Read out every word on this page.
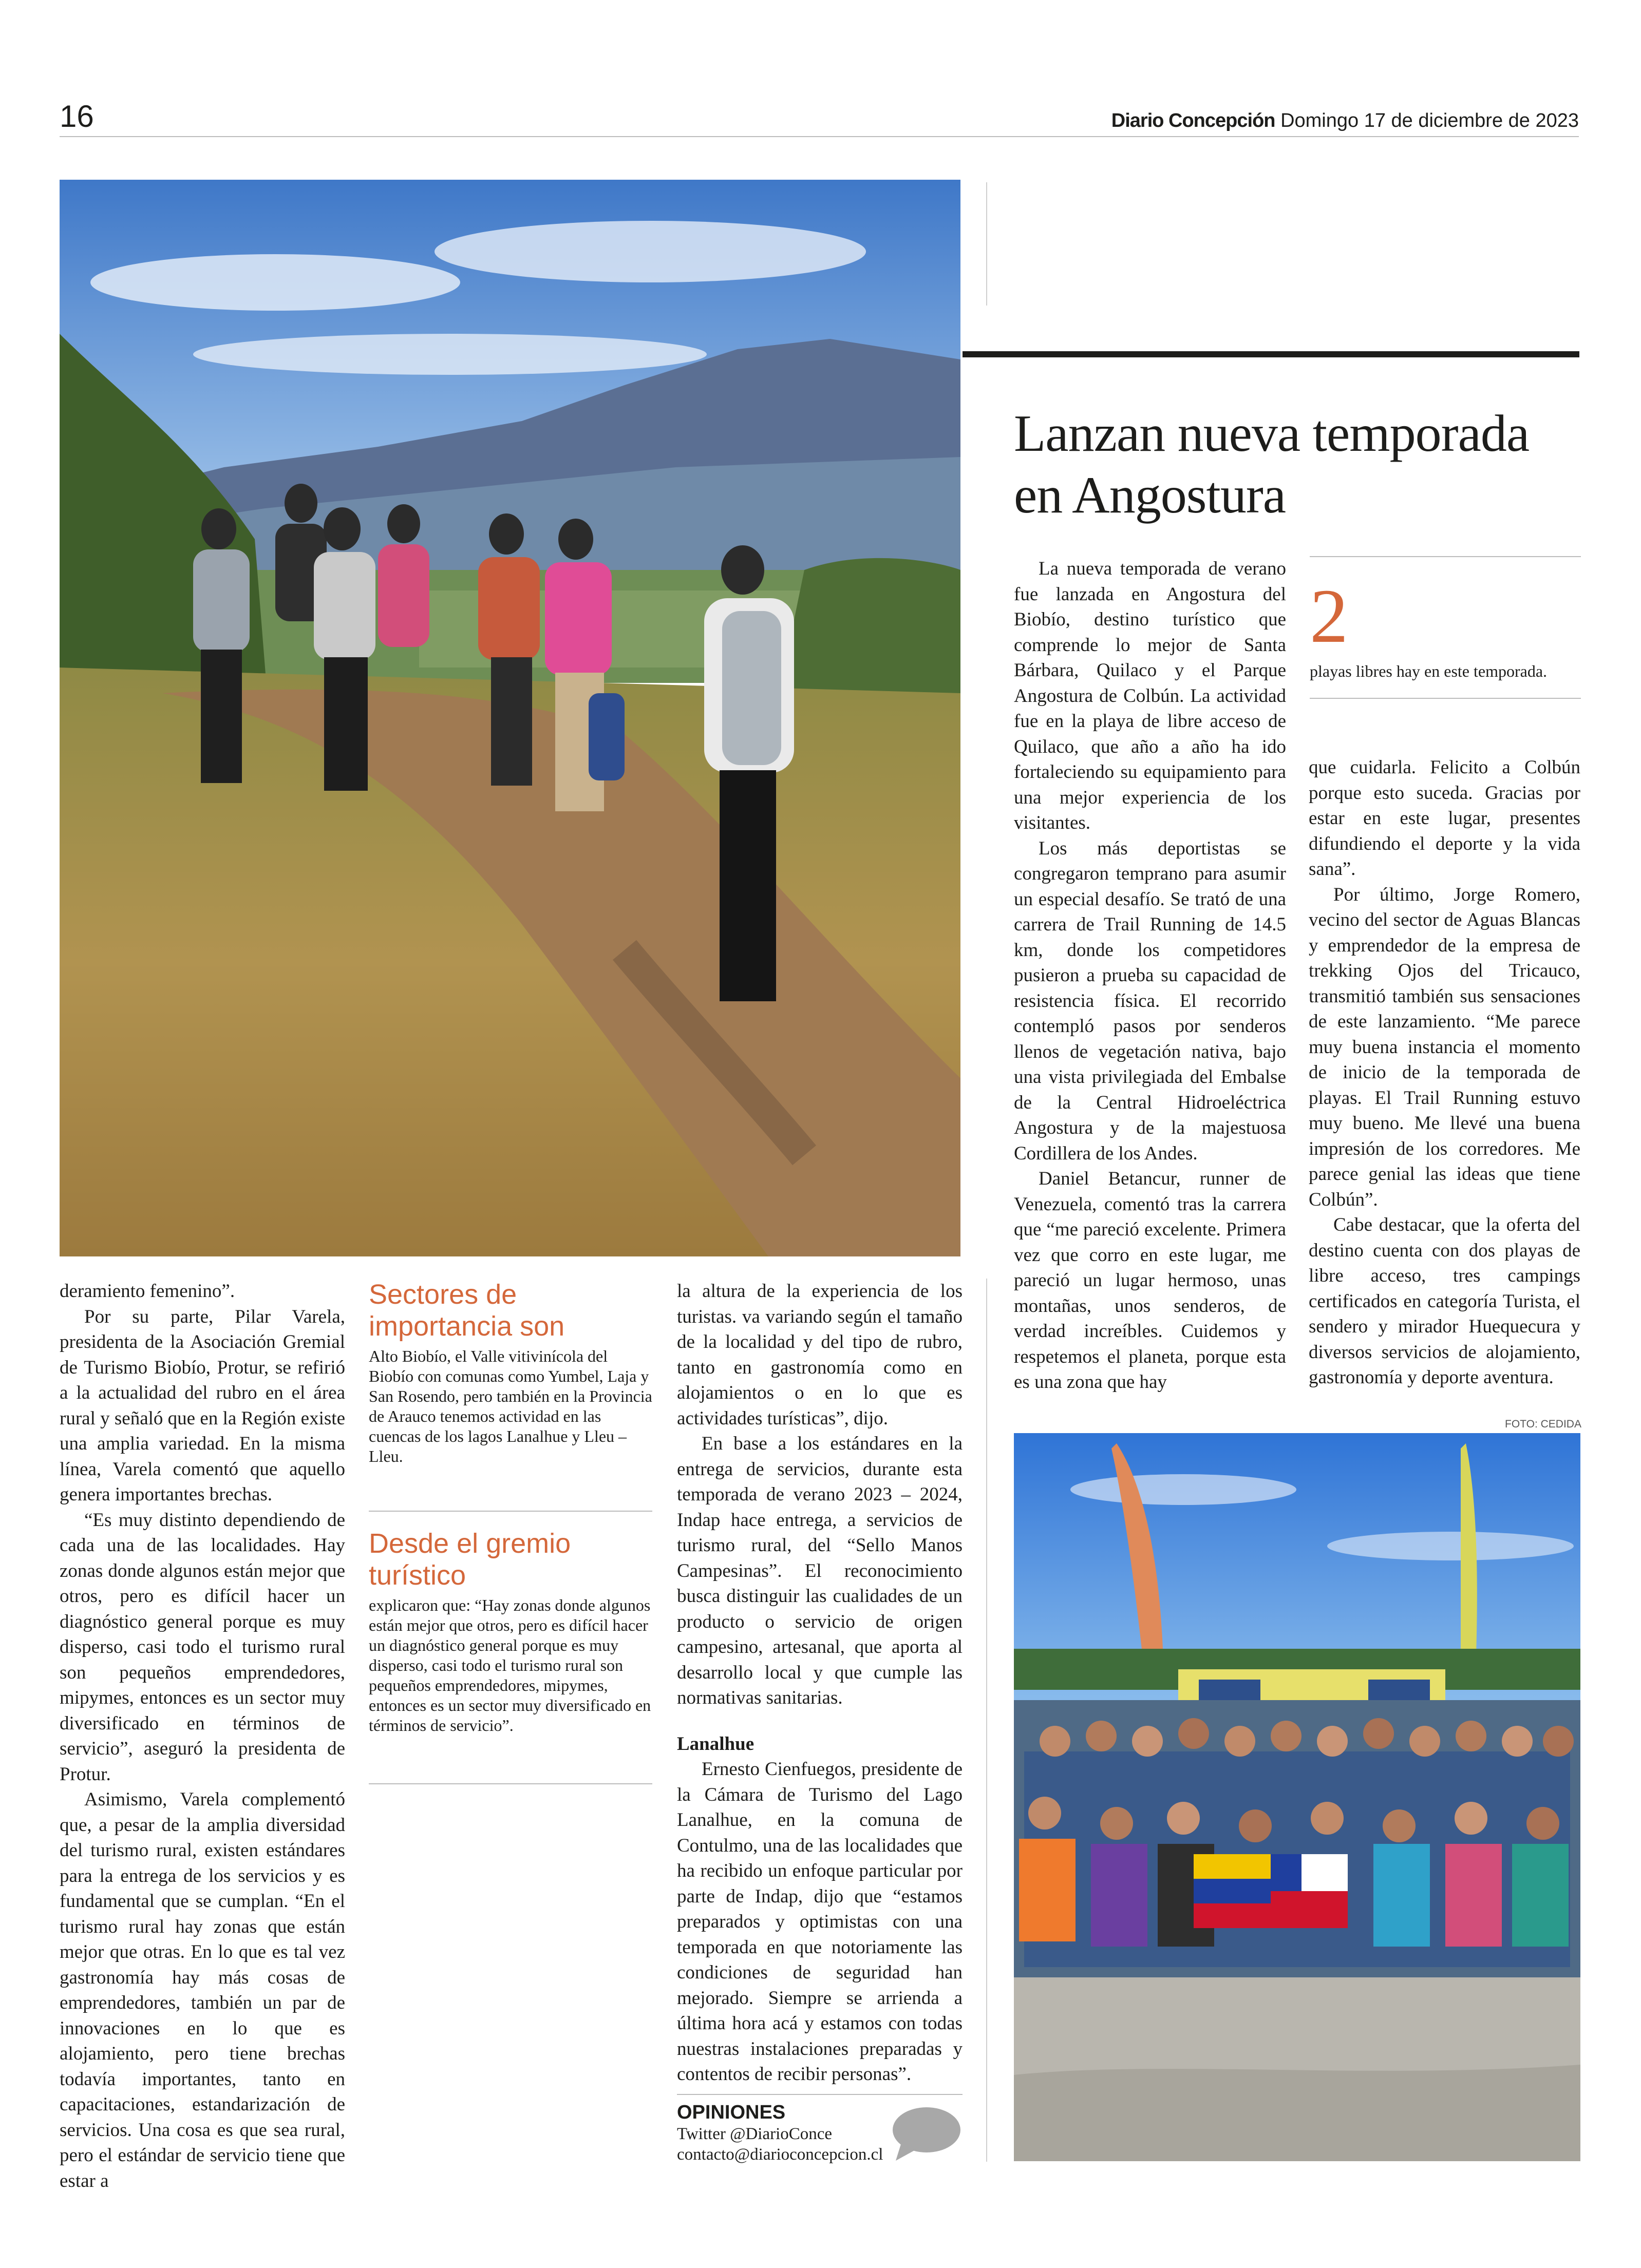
16	Diario Concepción Domingo 17 de diciembre de 2023
Lanzan nueva temporada en Angostura
2
playas libres hay en este temporada.

La nueva temporada de verano fue lanzada en Angostura del Biobío, destino turístico que comprende lo mejor de Santa Bárbara, Quilaco y el Parque Angostura de Colbún. La actividad fue en la playa de libre acceso de Quilaco, que año a año ha ido fortaleciendo su equipamiento para una mejor experiencia de los visitantes.

Los más deportistas se congregaron temprano para asumir un especial desafío. Se trató de una carrera de Trail Running de 14.5 km, donde los competidores pusieron a prueba su capacidad de resistencia física. El recorrido contempló pasos por senderos llenos de vegetación nativa, bajo una vista privilegiada del Embalse de la Central Hidroeléctrica Angostura y de la majestuosa Cordillera de los Andes.

Daniel Betancur, runner de Venezuela, comentó tras la carrera que “me pareció excelente. Primera vez que corro en este lugar, me pareció un lugar hermoso, unas montañas, unos senderos, de verdad increíbles. Cuidemos y respetemos el planeta, porque esta es una zona que hay

que cuidarla. Felicito a Colbún porque esto suceda. Gracias por estar en este lugar, presentes difundiendo el deporte y la vida sana”.

Por último, Jorge Romero, vecino del sector de Aguas Blancas y emprendedor de la empresa de trekking Ojos del Tricauco, transmitió también sus sensaciones de este lanzamiento. “Me parece muy buena instancia el momento de inicio de la temporada de playas. El Trail Running estuvo muy bueno. Me llevé una buena impresión de los corredores. Me parece genial las ideas que tiene Colbún”.

Cabe destacar, que la oferta del destino cuenta con dos playas de libre acceso, tres campings certificados en categoría Turista, el sendero y mirador Huequecura y diversos servicios de alojamiento, gastronomía y deporte aventura.

FOTO: CEDIDA

deramiento femenino”.

Por su parte, Pilar Varela, presidenta de la Asociación Gremial de Turismo Biobío, Protur, se refirió a la actualidad del rubro en el área rural y señaló que en la Región existe una amplia variedad. En la misma línea, Varela comentó que aquello genera importantes brechas.

“Es muy distinto dependiendo de cada una de las localidades. Hay zonas donde algunos están mejor que otros, pero es difícil hacer un diagnóstico general porque es muy disperso, casi todo el turismo rural son pequeños emprendedores, mipymes, entonces es un sector muy diversificado en términos de servicio”, aseguró la presidenta de Protur.

Asimismo, Varela complementó que, a pesar de la amplia diversidad del turismo rural, existen estándares para la entrega de los servicios y es fundamental que se cumplan. “En el turismo rural hay zonas que están mejor que otras. En lo que es tal vez gastronomía hay más cosas de emprendedores, también un par de innovaciones en lo que es alojamiento, pero tiene brechas todavía importantes, tanto en capacitaciones, estandarización de servicios. Una cosa es que sea rural, pero el estándar de servicio tiene que estar a

Sectores de importancia son
Alto Biobío, el Valle vitivinícola del Biobío con comunas como Yumbel, Laja y San Rosendo, pero también en la Provincia de Arauco tenemos actividad en las cuencas de los lagos Lanalhue y Lleu – Lleu.
Desde el gremio turístico
explicaron que: “Hay zonas donde algunos están mejor que otros, pero es difícil hacer un diagnóstico general porque es muy disperso, casi todo el turismo rural son pequeños emprendedores, mipymes, entonces es un sector muy diversificado en términos de servicio”.

la altura de la experiencia de los turistas. va variando según el tamaño de la localidad y del tipo de rubro, tanto en gastronomía como en alojamientos o en lo que es actividades turísticas”, dijo.

En base a los estándares en la entrega de servicios, durante esta temporada de verano 2023 – 2024, Indap hace entrega, a servicios de turismo rural, del “Sello Manos Campesinas”. El reconocimiento busca distinguir las cualidades de un producto o servicio de origen campesino, artesanal, que aporta al desarrollo local y que cumple las normativas sanitarias.

Lanalhue

Ernesto Cienfuegos, presidente de la Cámara de Turismo del Lago Lanalhue, en la comuna de Contulmo, una de las localidades que ha recibido un enfoque particular por parte de Indap, dijo que “estamos preparados y optimistas con una temporada en que notoriamente las condiciones de seguridad han mejorado. Siempre se arrienda a última hora acá y estamos con todas nuestras instalaciones preparadas y contentos de recibir personas”.

OPINIONES
Twitter @DiarioConce
contacto@diarioconcepcion.cl
